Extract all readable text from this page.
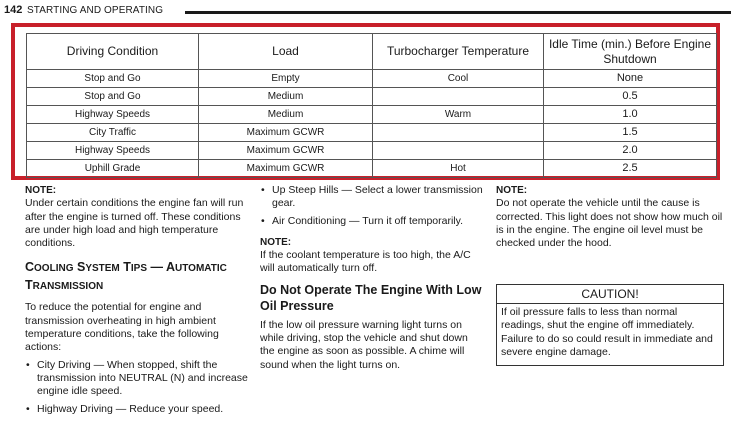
142 STARTING AND OPERATING
Driving Condition	Load	Turbocharger Temperature	Idle Time (min.) Before Engine Shutdown
Stop and Go	Empty	Cool	None
Stop and Go	Medium		0.5
Highway Speeds	Medium	Warm	1.0
City Traffic	Maximum GCWR		1.5
Highway Speeds	Maximum GCWR		2.0
Uphill Grade	Maximum GCWR	Hot	2.5

NOTE:

Under certain conditions the engine fan will run after the engine is turned off. These conditions are under high load and high temperature conditions.

COOLING SYSTEM TIPS — AUTOMATIC
TRANSMISSION

To reduce the potential for engine and transmission overheating in high ambient temperature conditions, take the following actions:

• City Driving — When stopped, shift the transmission into NEUTRAL (N) and increase engine idle speed.
• Highway Driving — Reduce your speed.
• Up Steep Hills — Select a lower transmission gear.
• Air Conditioning — Turn it off temporarily.

NOTE:

If the coolant temperature is too high, the A/C will automatically turn off.

Do Not Operate The Engine With Low Oil Pressure

If the low oil pressure warning light turns on while driving, stop the vehicle and shut down the engine as soon as possible. A chime will sound when the light turns on.

NOTE:

Do not operate the vehicle until the cause is corrected. This light does not show how much oil is in the engine. The engine oil level must be checked under the hood.

CAUTION!
If oil pressure falls to less than normal readings, shut the engine off immediately. Failure to do so could result in immediate and severe engine damage.
